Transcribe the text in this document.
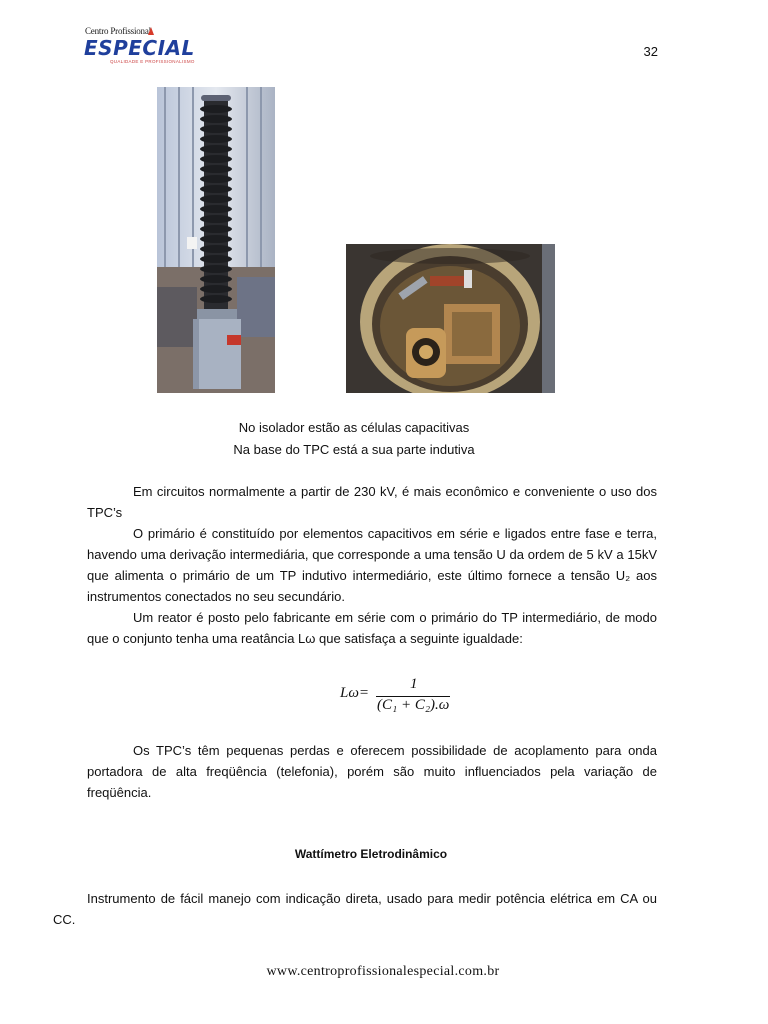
Centro Profissional
ESPECIAL
QUALIDADE E PROFISSIONALISMO
32
No isolador estão as células capacitivas
Na base do TPC está a sua parte indutiva
Em circuitos normalmente a partir de 230 kV, é mais econômico e conveniente o uso dos TPC’s
O primário é constituído por elementos capacitivos em série e ligados entre fase e terra, havendo uma derivação intermediária, que corresponde a uma tensão U da ordem de 5 kV a 15kV que alimenta o primário de um TP indutivo intermediário, este último fornece a tensão U₂ aos instrumentos conectados no seu secundário.
Um reator é posto pelo fabricante em série com o primário do TP intermediário, de modo que o conjunto tenha uma reatância Lω que satisfaça a seguinte igualdade:
Lω=
1
(C₁ + C₂).ω
Os TPC’s têm pequenas perdas e oferecem possibilidade de acoplamento para onda portadora de alta freqüência (telefonia), porém são muito influenciados pela variação de freqüência.
Wattímetro Eletrodinâmico
Instrumento de fácil manejo com indicação direta, usado para medir potência elétrica em CA ou CC.
www.centroprofissionalespecial.com.br
